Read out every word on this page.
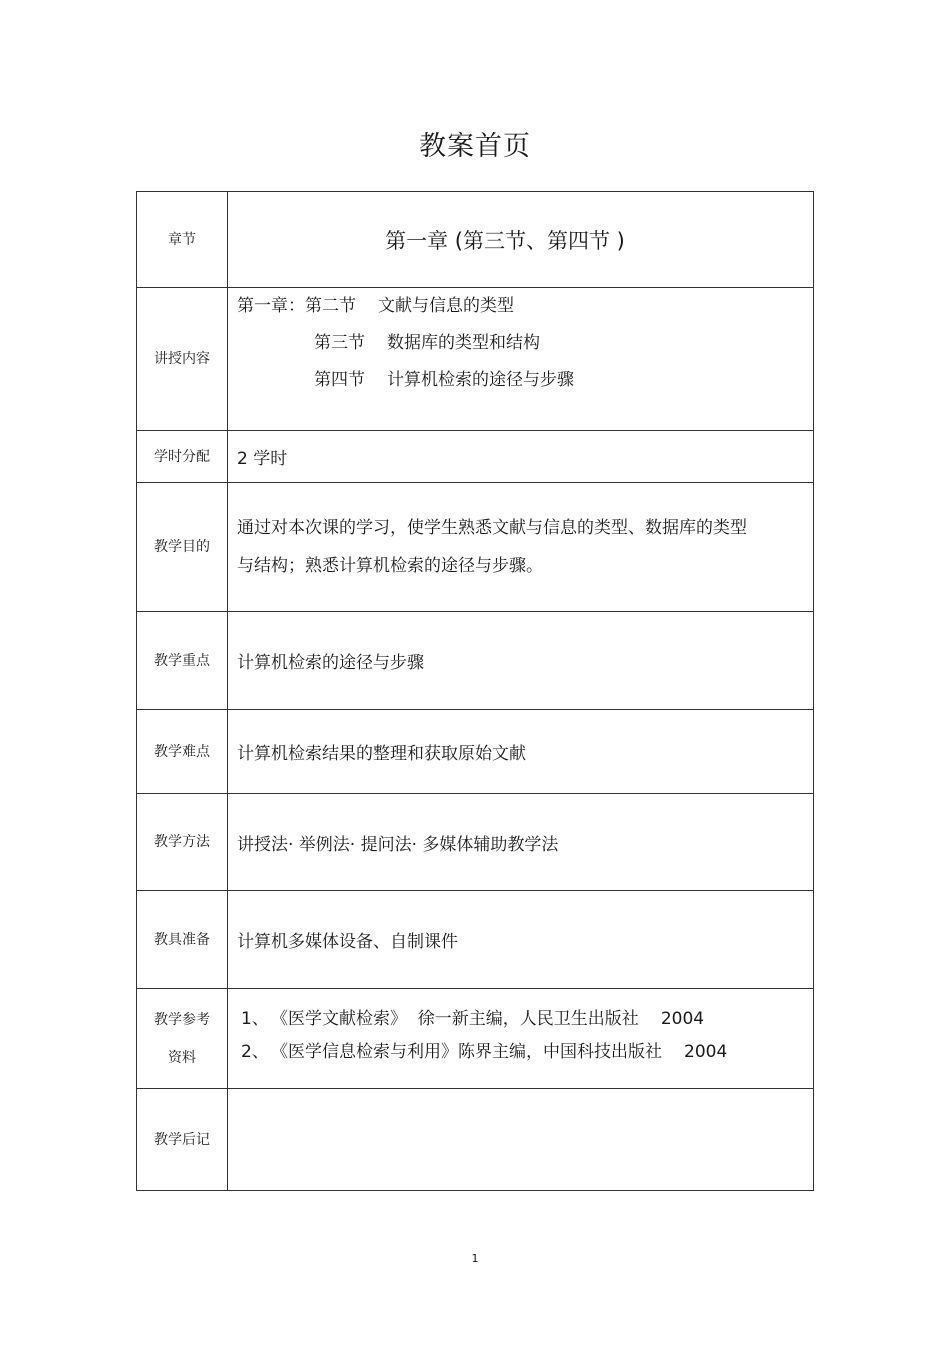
教案首页
章节	第一章 (第三节、第四节 )

讲授内容	第一章：第二节 文献与信息的类型
第三节 数据库的类型和结构
第四节 计算机检索的途径与步骤

学时分配	2 学时
教学目的	通过对本次课的学习，使学生熟悉文献与信息的类型、数据库的类型
与结构；熟悉计算机检索的途径与步骤。

教学重点	计算机检索的途径与步骤
教学难点	计算机检索结果的整理和获取原始文献
教学方法	讲授法· 举例法· 提问法· 多媒体辅助教学法
教具准备	计算机多媒体设备、自制课件

教学参考
资料	1、 《医学文献检索》  徐一新主编，人民卫生出版社 2004
2、 《医学信息检索与利用》陈界主编，中国科技出版社 2004

教学后记	
1
